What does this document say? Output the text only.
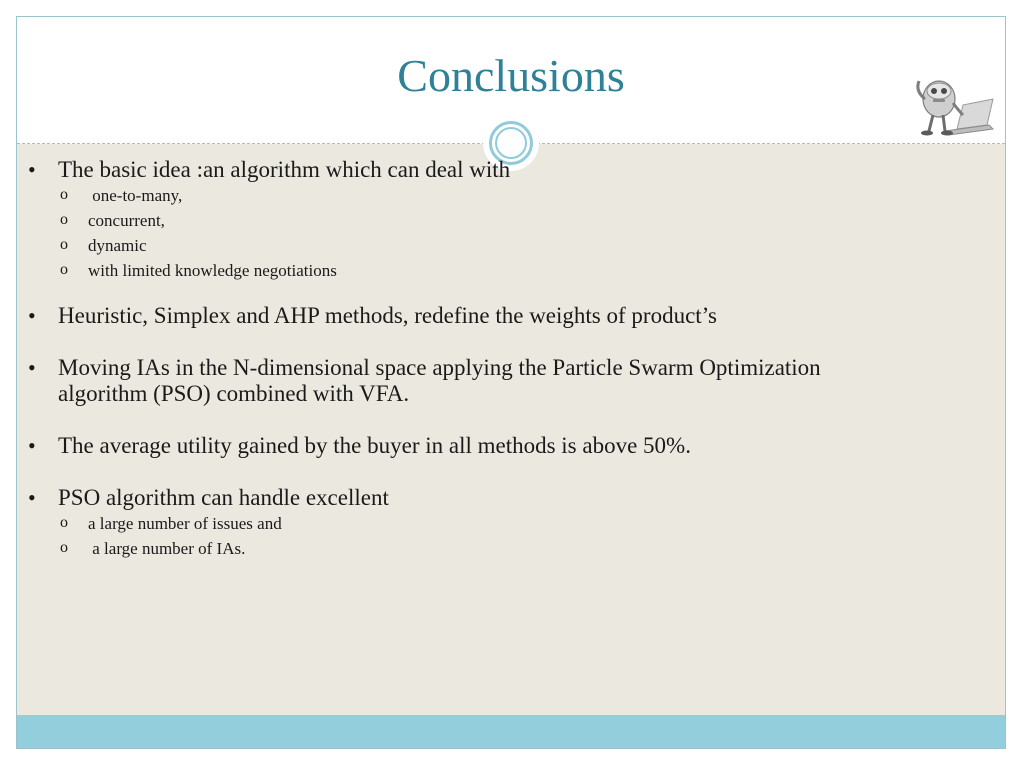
Conclusions
• The basic idea :an algorithm which can deal with
o  one-to-many,
o concurrent,
o dynamic
o with limited knowledge negotiations
• Heuristic, Simplex and AHP methods, redefine the weights of product’s
• Moving IAs in the N-dimensional space applying the Particle Swarm Optimization algorithm (PSO) combined with VFA.
• The average utility gained by the buyer in all methods is above 50%.
• PSO algorithm can handle excellent
o a large number of issues and
o  a large number of IAs.
